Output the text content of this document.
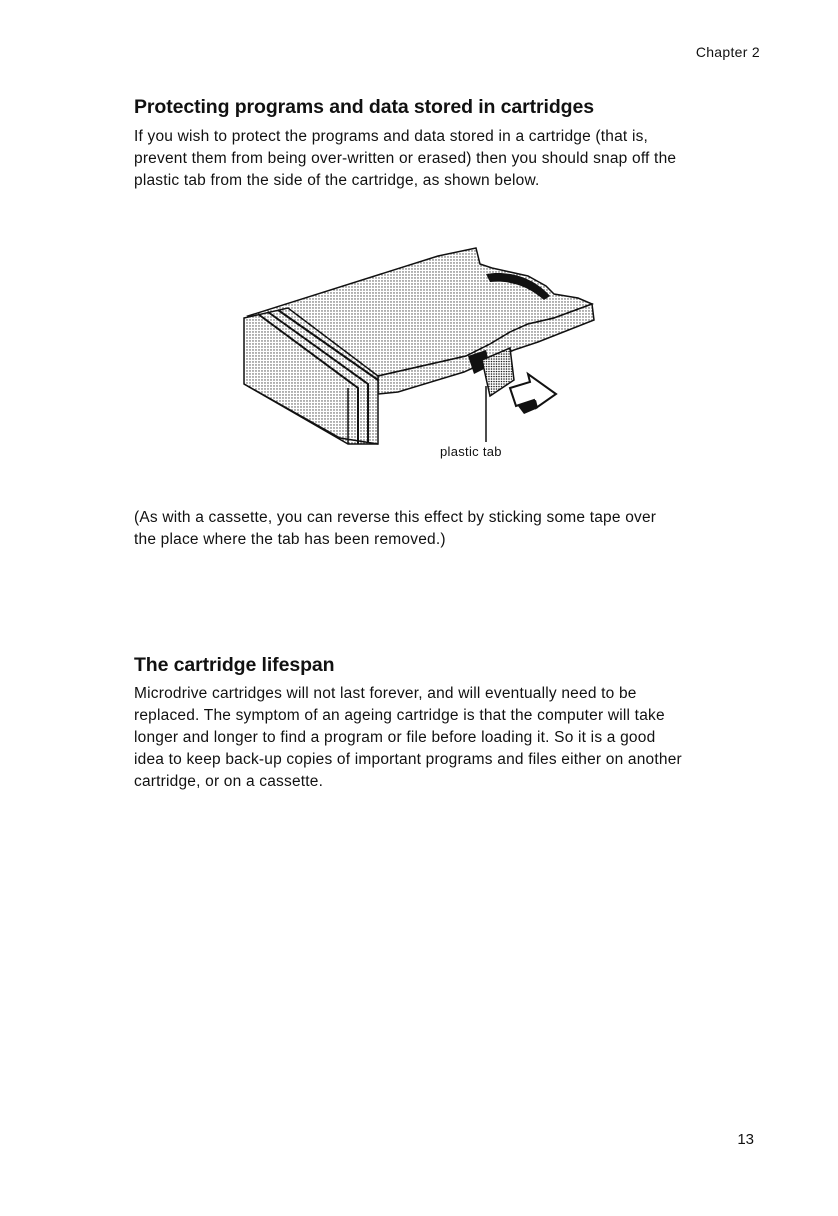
Chapter 2
Protecting programs and data stored in cartridges

If you wish to protect the programs and data stored in a cartridge (that is,
prevent them from being over-written or erased) then you should snap off the
plastic tab from the side of the cartridge, as shown below.

plastic tab

(As with a cassette, you can reverse this effect by sticking some tape over
the place where the tab has been removed.)

The cartridge lifespan

Microdrive cartridges will not last forever, and will eventually need to be
replaced. The symptom of an ageing cartridge is that the computer will take
longer and longer to find a program or file before loading it. So it is a good
idea to keep back-up copies of important programs and files either on another
cartridge, or on a cassette.

13
